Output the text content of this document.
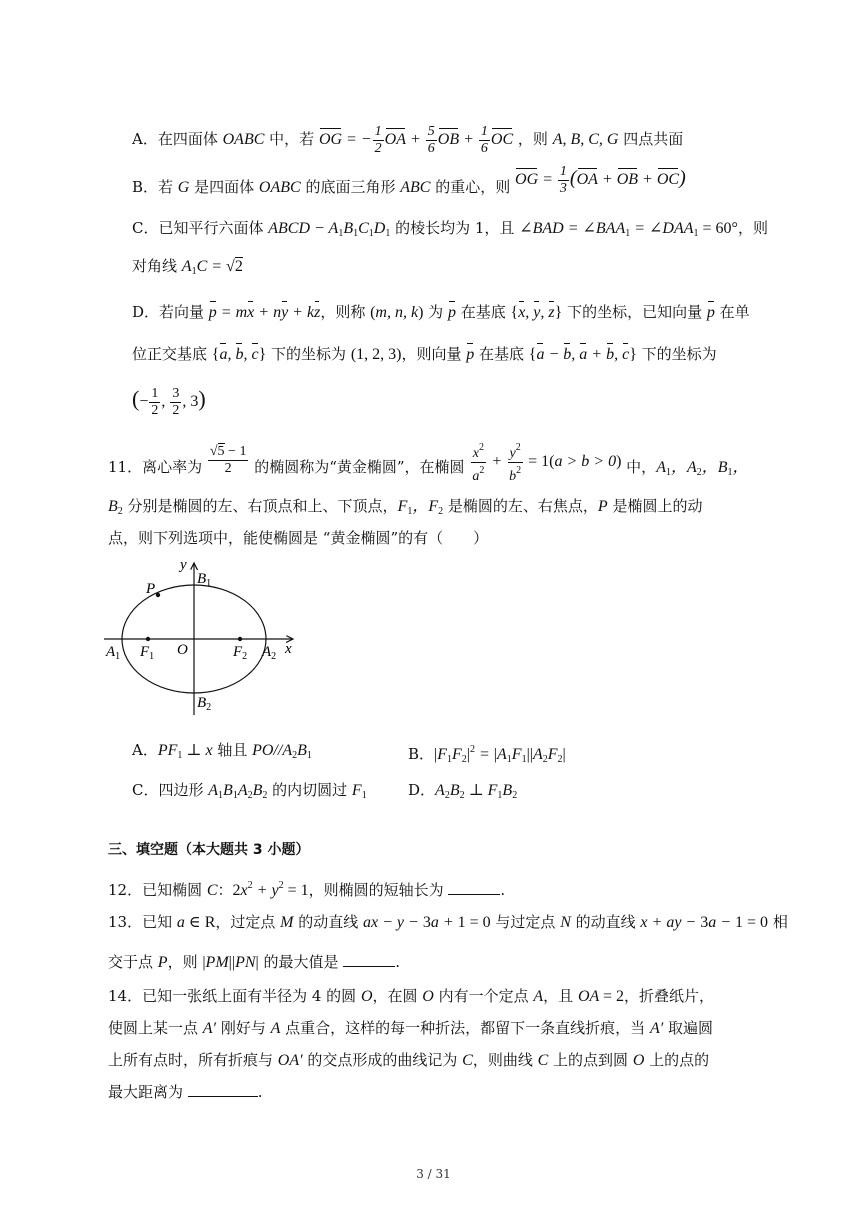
A．在四面体 OABC 中，若 OG = − $\frac{1}{2}$ OA + $\frac{5}{6}$ OB + $\frac{1}{6}$ OC ，则 A, B, C, G 四点共面
B．若 G 是四面体 OABC 的底面三角形 ABC 的重心，则 OG = $\frac{1}{3} (OA$ + OB + OC)
C．已知平行六面体 ABCD − $A_1B_1C_1D_1$ 的棱长均为 1，且 ∠BAD = $\angle BAA_1$ = $\angle DAA_1 = 60^\circ$，则
对角线 $A_1C = √2$
D．若向量 p = mx + ny + kz，则称 (m, n, k) 为 p 在基底 {x, y, z} 下的坐标，已知向量 p 在单
位正交基底 {a, b, c} 下的坐标为 (1, 2, 3)，则向量 p 在基底 {a − b, a + b, c} 下的坐标为
(− $\frac{1}{2}$ , $\frac{3}{2}$ , 3)
11．离心率为 $\frac{√5 - 1}{2}$ 的椭圆称为“黄金椭圆”，在椭圆 $\frac{x^2}{a^2} + \frac{y^2}{b^2} = 1(a > b > 0)$ 中，$A_1$，$A_2$，$B_1$，
$B_2$ 分别是椭圆的左、右顶点和上、下顶点，$F_1$，$F_2$ 是椭圆的左、右焦点，P 是椭圆上的动
点，则下列选项中，能使椭圆是 “黄金椭圆”的有（　　）
y
x
O
P
$B_1$
$B_2$
$A_1$	$A_2$
$F_1$	$F_2$
A．$PF_1$ ⊥ x 轴且 $PO//A_2B_1$	B．$|F_1F_2|^2 = |A_1F_1||A_2F_2|$
C．四边形 $A_1B_1A_2B_2$ 的内切圆过 $F_1$	D．$A_2B_2$ ⊥ $F_1B_2$
三、填空题（本大题共 3 小题）
12．已知椭圆 C：$2x^2 + y^2 = 1$，则椭圆的短轴长为	.
13．已知 a ∈ R，过定点 M 的动直线 ax − y − 3a + 1 = 0 与过定点 N 的动直线 x + ay − 3a − 1 = 0 相
交于点 P，则 |PM||PN| 的最大值是	.
14．已知一张纸上面有半径为 4 的圆 O，在圆 O 内有一个定点 A，且 OA = 2，折叠纸片，
使圆上某一点 A′ 刚好与 A 点重合，这样的每一种折法，都留下一条直线折痕，当 A′ 取遍圆
上所有点时，所有折痕与 OA′ 的交点形成的曲线记为 C，则曲线 C 上的点到圆 O 上的点的
最大距离为	.
3 / 31
